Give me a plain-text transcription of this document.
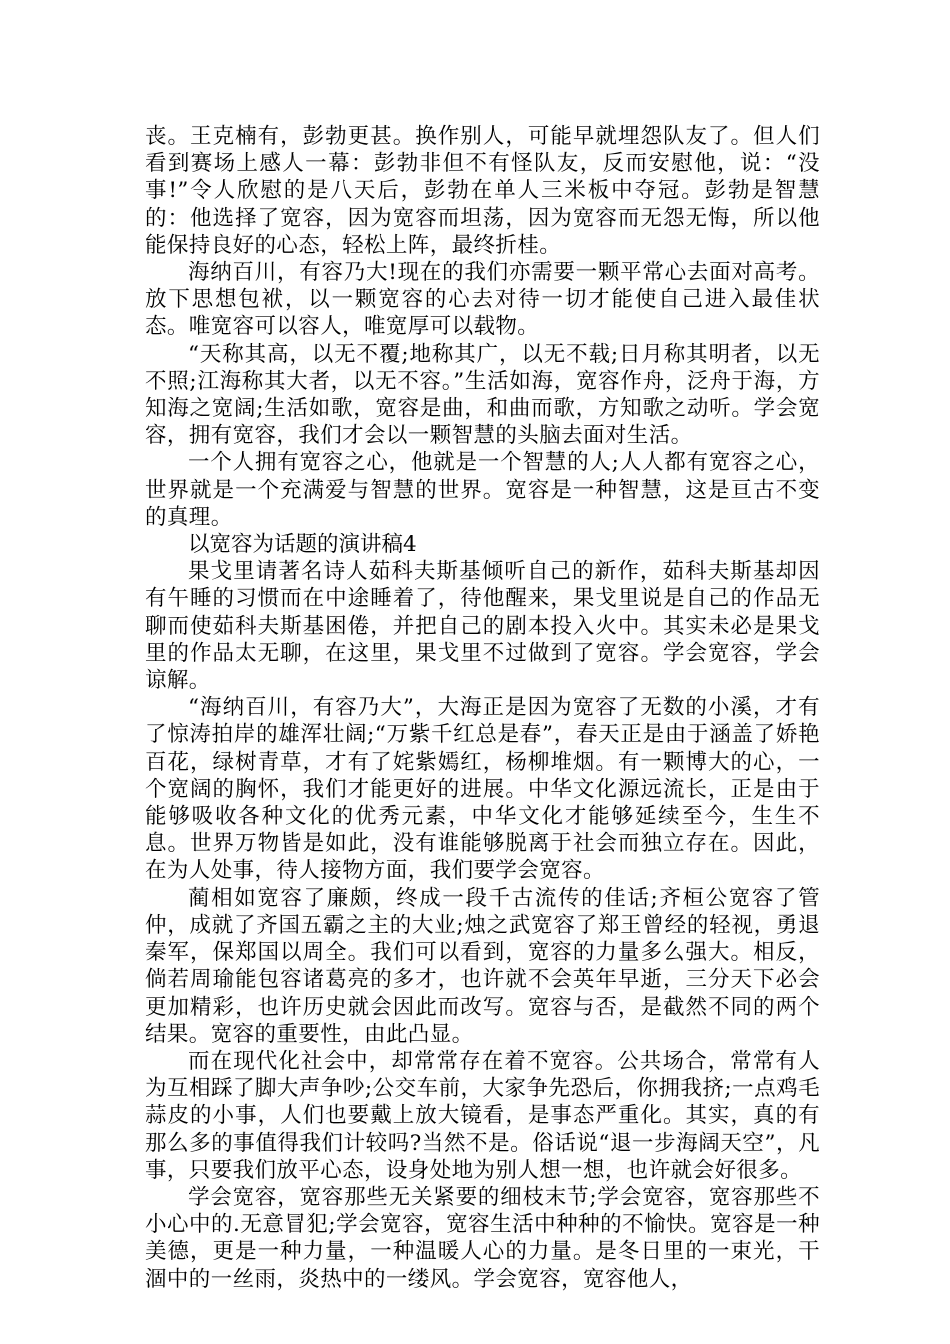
丧。王克楠有，彭勃更甚。换作别人，可能早就埋怨队友了。但人们看到赛场上感人一幕：彭勃非但不有怪队友，反而安慰他，说：“没事!”令人欣慰的是八天后，彭勃在单人三米板中夺冠。彭勃是智慧的：他选择了宽容，因为宽容而坦荡，因为宽容而无怨无悔，所以他能保持良好的心态，轻松上阵，最终折桂。

海纳百川，有容乃大!现在的我们亦需要一颗平常心去面对高考。放下思想包袱，以一颗宽容的心去对待一切才能使自己进入最佳状态。唯宽容可以容人，唯宽厚可以载物。

“天称其高，以无不覆;地称其广，以无不载;日月称其明者，以无不照;江海称其大者，以无不容。”生活如海，宽容作舟，泛舟于海，方知海之宽阔;生活如歌，宽容是曲，和曲而歌，方知歌之动听。学会宽容，拥有宽容，我们才会以一颗智慧的头脑去面对生活。

一个人拥有宽容之心，他就是一个智慧的人;人人都有宽容之心，世界就是一个充满爱与智慧的世界。宽容是一种智慧，这是亘古不变的真理。

以宽容为话题的演讲稿4

果戈里请著名诗人茹科夫斯基倾听自己的新作，茹科夫斯基却因有午睡的习惯而在中途睡着了，待他醒来，果戈里说是自己的作品无聊而使茹科夫斯基困倦，并把自己的剧本投入火中。其实未必是果戈里的作品太无聊，在这里，果戈里不过做到了宽容。学会宽容，学会谅解。

“海纳百川，有容乃大”，大海正是因为宽容了无数的小溪，才有了惊涛拍岸的雄浑壮阔;“万紫千红总是春”，春天正是由于涵盖了娇艳百花，绿树青草，才有了姹紫嫣红，杨柳堆烟。有一颗博大的心，一个宽阔的胸怀，我们才能更好的进展。中华文化源远流长，正是由于能够吸收各种文化的优秀元素，中华文化才能够延续至今，生生不息。世界万物皆是如此，没有谁能够脱离于社会而独立存在。因此，在为人处事，待人接物方面，我们要学会宽容。

蔺相如宽容了廉颇，终成一段千古流传的佳话;齐桓公宽容了管仲，成就了齐国五霸之主的大业;烛之武宽容了郑王曾经的轻视，勇退秦军，保郑国以周全。我们可以看到，宽容的力量多么强大。相反，倘若周瑜能包容诸葛亮的多才，也许就不会英年早逝，三分天下必会更加精彩，也许历史就会因此而改写。宽容与否，是截然不同的两个结果。宽容的重要性，由此凸显。

而在现代化社会中，却常常存在着不宽容。公共场合，常常有人为互相踩了脚大声争吵;公交车前，大家争先恐后，你拥我挤;一点鸡毛蒜皮的小事，人们也要戴上放大镜看，是事态严重化。其实，真的有那么多的事值得我们计较吗?当然不是。俗话说“退一步海阔天空”，凡事，只要我们放平心态，设身处地为别人想一想，也许就会好很多。

学会宽容，宽容那些无关紧要的细枝末节;学会宽容，宽容那些不小心中的.无意冒犯;学会宽容，宽容生活中种种的不愉快。宽容是一种美德，更是一种力量，一种温暖人心的力量。是冬日里的一束光，干涸中的一丝雨，炎热中的一缕风。学会宽容，宽容他人，
